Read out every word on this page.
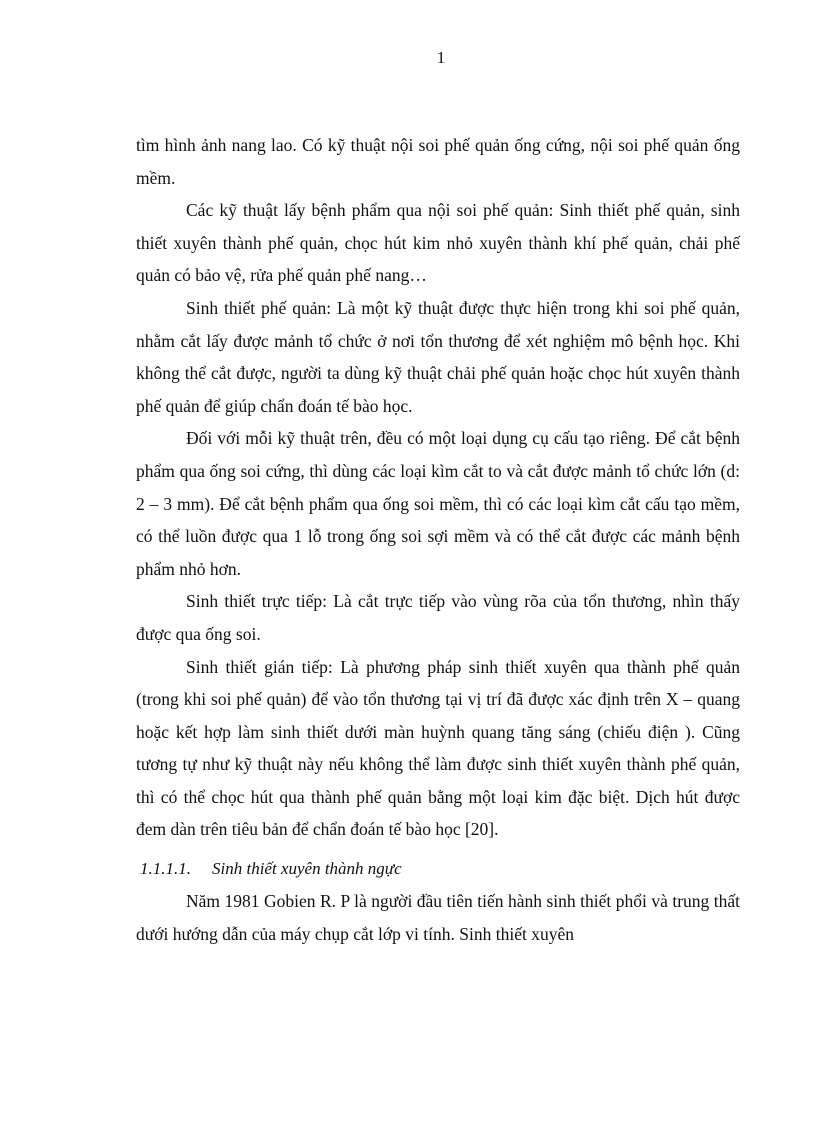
1

tìm hình ảnh nang lao. Có kỹ thuật nội soi phế quản ống cứng, nội soi phế quản ống mềm.

Các kỹ thuật lấy bệnh phẩm qua nội soi phế quản: Sinh thiết phế quản, sinh thiết xuyên thành phế quản, chọc hút kim nhỏ xuyên thành khí phế quản, chải phế quản có bảo vệ, rửa phế quản phế nang…

Sinh thiết phế quản: Là một kỹ thuật được thực hiện trong khi soi phế quản, nhằm cắt lấy được mảnh tổ chức ở nơi tổn thương để xét nghiệm mô bệnh học. Khi không thể cắt được, người ta dùng kỹ thuật chải phế quản hoặc chọc hút xuyên thành phế quản để giúp chẩn đoán tế bào học.

Đối với mỗi kỹ thuật trên, đều có một loại dụng cụ cấu tạo riêng. Để cắt bệnh phẩm qua ống soi cứng, thì dùng các loại kìm cắt to và cắt được mảnh tổ chức lớn (d: 2 – 3 mm). Để cắt bệnh phẩm qua ống soi mềm, thì có các loại kìm cắt cấu tạo mềm, có thể luồn được qua 1 lỗ trong ống soi sợi mềm và có thể cắt được các mảnh bệnh phẩm nhỏ hơn.

Sinh thiết trực tiếp: Là cắt trực tiếp vào vùng rõa của tổn thương, nhìn thấy được qua ống soi.

Sinh thiết gián tiếp: Là phương pháp sinh thiết xuyên qua thành phế quản (trong khi soi phế quản) để vào tổn thương tại vị trí đã được xác định trên X – quang hoặc kết hợp làm sinh thiết dưới màn huỳnh quang tăng sáng (chiếu điện ). Cũng tương tự như kỹ thuật này nếu không thể làm được sinh thiết xuyên thành phế quản, thì có thể chọc hút qua thành phế quản bằng một loại kim đặc biệt. Dịch hút được đem dàn trên tiêu bản để chẩn đoán tế bào học [20].

1.1.1.1. Sinh thiết xuyên thành ngực

Năm 1981 Gobien R. P là người đầu tiên tiến hành sinh thiết phổi và trung thất dưới hướng dẫn của máy chụp cắt lớp vi tính. Sinh thiết xuyên
